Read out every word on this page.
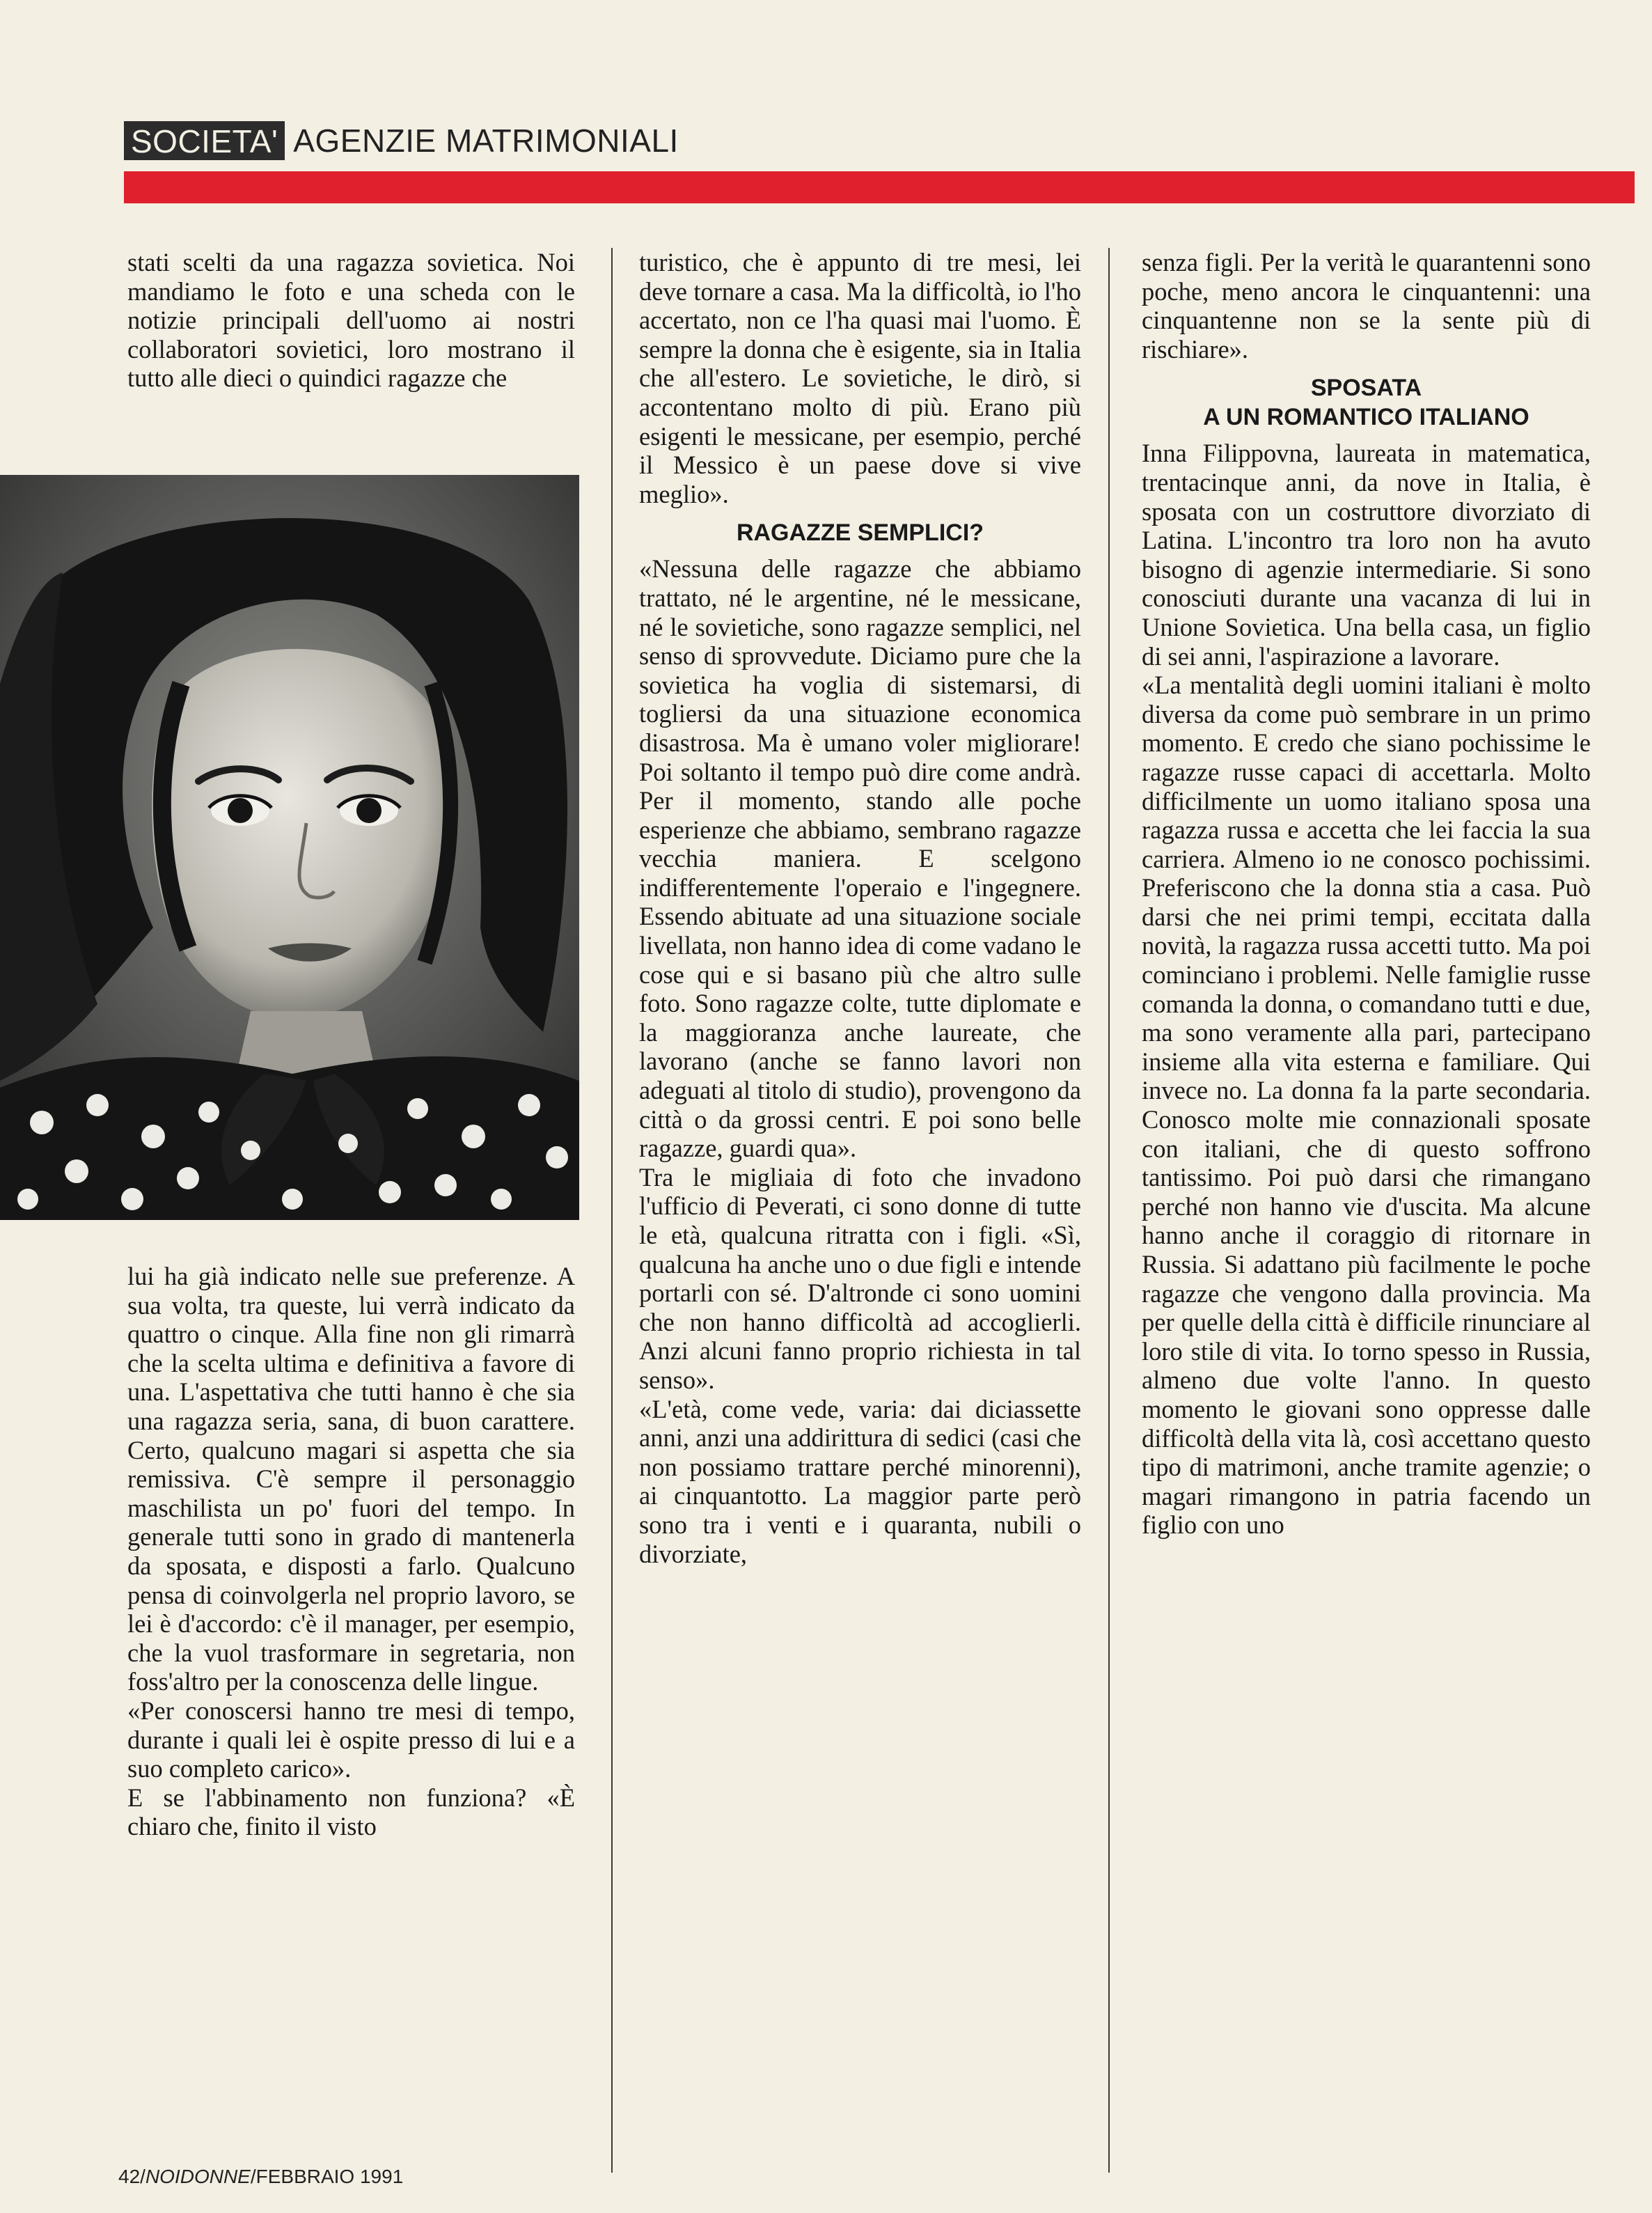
SOCIETA' AGENZIE MATRIMONIALI

stati scelti da una ragazza sovietica. Noi mandiamo le foto e una scheda con le notizie principali dell'uomo ai nostri collaboratori sovietici, loro mostrano il tutto alle dieci o quindici ragazze che

lui ha già indicato nelle sue preferenze. A sua volta, tra queste, lui verrà indicato da quattro o cinque. Alla fine non gli rimarrà che la scelta ultima e definitiva a favore di una. L'aspettativa che tutti hanno è che sia una ragazza seria, sana, di buon carattere. Certo, qualcuno magari si aspetta che sia remissiva. C'è sempre il personaggio maschilista un po' fuori del tempo. In generale tutti sono in grado di mantenerla da sposata, e disposti a farlo. Qualcuno pensa di coinvolgerla nel proprio lavoro, se lei è d'accordo: c'è il manager, per esempio, che la vuol trasformare in segretaria, non foss'altro per la conoscenza delle lingue.

«Per conoscersi hanno tre mesi di tempo, durante i quali lei è ospite presso di lui e a suo completo carico».

E se l'abbinamento non funziona? «È chiaro che, finito il visto

turistico, che è appunto di tre mesi, lei deve tornare a casa. Ma la difficoltà, io l'ho accertato, non ce l'ha quasi mai l'uomo. È sempre la donna che è esigente, sia in Italia che all'estero. Le sovietiche, le dirò, si accontentano molto di più. Erano più esigenti le messicane, per esempio, perché il Messico è un paese dove si vive meglio».

RAGAZZE SEMPLICI?

«Nessuna delle ragazze che abbiamo trattato, né le argentine, né le messicane, né le sovietiche, sono ragazze semplici, nel senso di sprovvedute. Diciamo pure che la sovietica ha voglia di sistemarsi, di togliersi da una situazione economica disastrosa. Ma è umano voler migliorare! Poi soltanto il tempo può dire come andrà. Per il momento, stando alle poche esperienze che abbiamo, sembrano ragazze vecchia maniera. E scelgono indifferentemente l'operaio e l'ingegnere. Essendo abituate ad una situazione sociale livellata, non hanno idea di come vadano le cose qui e si basano più che altro sulle foto. Sono ragazze colte, tutte diplomate e la maggioranza anche laureate, che lavorano (anche se fanno lavori non adeguati al titolo di studio), provengono da città o da grossi centri. E poi sono belle ragazze, guardi qua».

Tra le migliaia di foto che invadono l'ufficio di Peverati, ci sono donne di tutte le età, qualcuna ritratta con i figli. «Sì, qualcuna ha anche uno o due figli e intende portarli con sé. D'altronde ci sono uomini che non hanno difficoltà ad accoglierli. Anzi alcuni fanno proprio richiesta in tal senso».

«L'età, come vede, varia: dai diciassette anni, anzi una addirittura di sedici (casi che non possiamo trattare perché minorenni), ai cinquantotto. La maggior parte però sono tra i venti e i quaranta, nubili o divorziate,

senza figli. Per la verità le quarantenni sono poche, meno ancora le cinquantenni: una cinquantenne non se la sente più di rischiare».

SPOSATA
A UN ROMANTICO ITALIANO

Inna Filippovna, laureata in matematica, trentacinque anni, da nove in Italia, è sposata con un costruttore divorziato di Latina. L'incontro tra loro non ha avuto bisogno di agenzie intermediarie. Si sono conosciuti durante una vacanza di lui in Unione Sovietica. Una bella casa, un figlio di sei anni, l'aspirazione a lavorare.

«La mentalità degli uomini italiani è molto diversa da come può sembrare in un primo momento. E credo che siano pochissime le ragazze russe capaci di accettarla. Molto difficilmente un uomo italiano sposa una ragazza russa e accetta che lei faccia la sua carriera. Almeno io ne conosco pochissimi. Preferiscono che la donna stia a casa. Può darsi che nei primi tempi, eccitata dalla novità, la ragazza russa accetti tutto. Ma poi cominciano i problemi. Nelle famiglie russe comanda la donna, o comandano tutti e due, ma sono veramente alla pari, partecipano insieme alla vita esterna e familiare. Qui invece no. La donna fa la parte secondaria. Conosco molte mie connazionali sposate con italiani, che di questo soffrono tantissimo. Poi può darsi che rimangano perché non hanno vie d'uscita. Ma alcune hanno anche il coraggio di ritornare in Russia. Si adattano più facilmente le poche ragazze che vengono dalla provincia. Ma per quelle della città è difficile rinunciare al loro stile di vita. Io torno spesso in Russia, almeno due volte l'anno. In questo momento le giovani sono oppresse dalle difficoltà della vita là, così accettano questo tipo di matrimoni, anche tramite agenzie; o magari rimangono in patria facendo un figlio con uno

42/NOIDONNE/FEBBRAIO 1991
